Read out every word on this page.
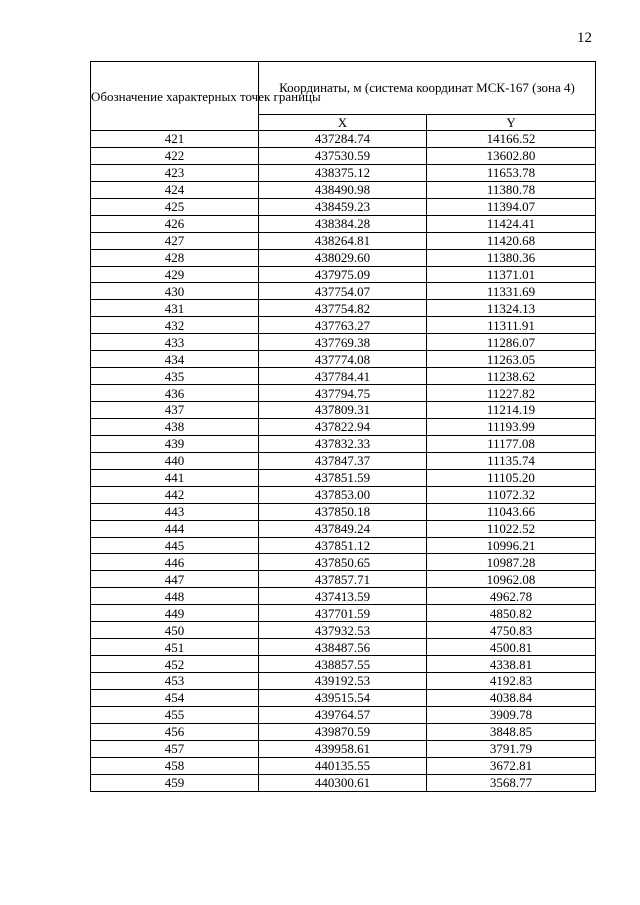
12
Обозначение характерных точек границы	Координаты, м (система координат МСК-167 (зона 4)	
	X	Y
421	437284.74	14166.52
422	437530.59	13602.80
423	438375.12	11653.78
424	438490.98	11380.78
425	438459.23	11394.07
426	438384.28	11424.41
427	438264.81	11420.68
428	438029.60	11380.36
429	437975.09	11371.01
430	437754.07	11331.69
431	437754.82	11324.13
432	437763.27	11311.91
433	437769.38	11286.07
434	437774.08	11263.05
435	437784.41	11238.62
436	437794.75	11227.82
437	437809.31	11214.19
438	437822.94	11193.99
439	437832.33	11177.08
440	437847.37	11135.74
441	437851.59	11105.20
442	437853.00	11072.32
443	437850.18	11043.66
444	437849.24	11022.52
445	437851.12	10996.21
446	437850.65	10987.28
447	437857.71	10962.08
448	437413.59	4962.78
449	437701.59	4850.82
450	437932.53	4750.83
451	438487.56	4500.81
452	438857.55	4338.81
453	439192.53	4192.83
454	439515.54	4038.84
455	439764.57	3909.78
456	439870.59	3848.85
457	439958.61	3791.79
458	440135.55	3672.81
459	440300.61	3568.77
